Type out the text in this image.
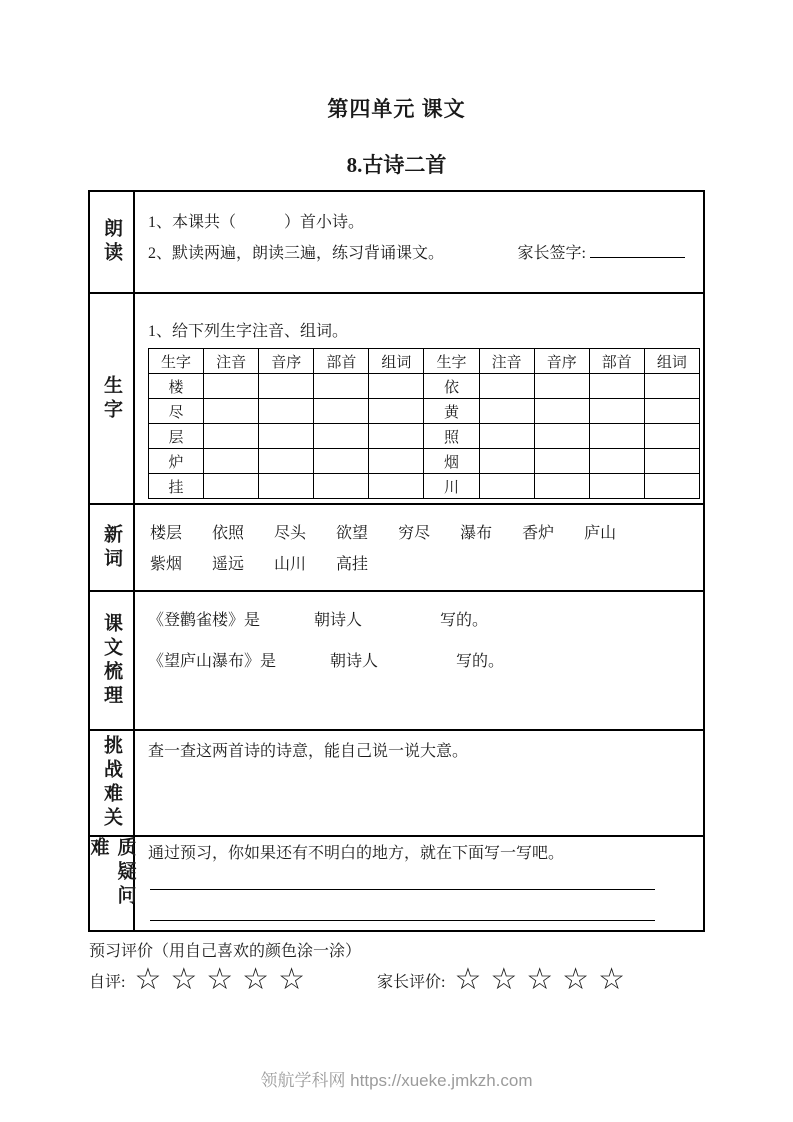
第四单元 课文
8.古诗二首
朗读 1、本课共（　　　）首小诗。
2、默读两遍，朗读三遍，练习背诵课文。	家长签字:
生字
1、给下列生字注音、组词。
生字	注音	音序	部首	组词	生字	注音	音序	部首	组词
楼					依				
尽					黄				
层					照				
炉					烟				
挂					川				
新词 楼层 依照 尽头 欲望 穷尽 瀑布 香炉 庐山
紫烟 遥远 山川 高挂
课文梳理 《登鹳雀楼》是	朝诗人	写的。
《望庐山瀑布》是	朝诗人	写的。
挑战难关 查一查这两首诗的诗意，能自己说一说大意。
质疑问难	通过预习，你如果还有不明白的地方，就在下面写一写吧。
预习评价（用自己喜欢的颜色涂一涂）
自评: ☆ ☆ ☆ ☆ ☆	家长评价: ☆ ☆ ☆ ☆ ☆
领航学科网 https://xueke.jmkzh.com
